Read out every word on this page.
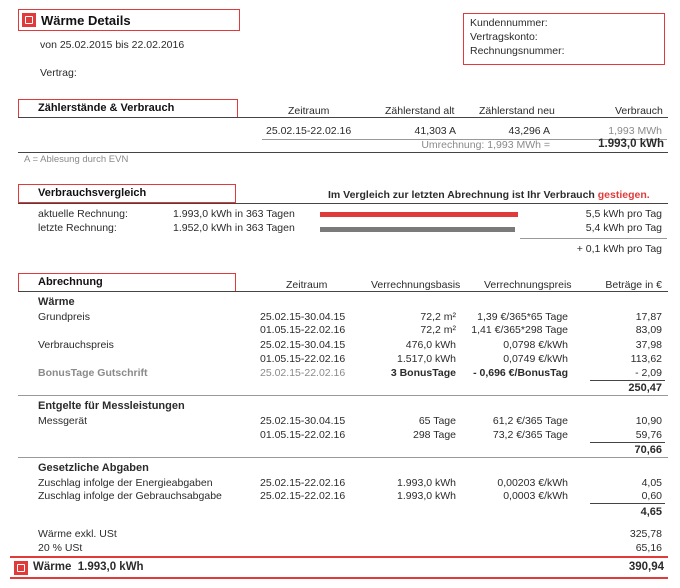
Wärme Details
von 25.02.2015 bis 22.02.2016
Vertrag:
Kundennummer:
Vertragskonto:
Rechnungsnummer:
Zählerstände & Verbrauch	Zeitraum	Zählerstand alt Zählerstand neu	Verbrauch
25.02.15-22.02.16	41,303 A	43,296 A	1,993 MWh
Umrechnung: 1,993 MWh =	1.993,0 kWh
A = Ablesung durch EVN
Verbrauchsvergleich	Im Vergleich zur letzten Abrechnung ist Ihr Verbrauch gestiegen.
aktuelle Rechnung:	1.993,0 kWh in 363 Tagen	5,5 kWh pro Tag
letzte Rechnung:	1.952,0 kWh in 363 Tagen	5,4 kWh pro Tag
+ 0,1 kWh pro Tag
Abrechnung	Zeitraum	Verrechnungsbasis Verrechnungspreis	Beträge in €
Wärme
Grundpreis	25.02.15-30.04.15	72,2 m²	1,39 €/365*65 Tage	17,87
01.05.15-22.02.16	72,2 m²	1,41 €/365*298 Tage	83,09
Verbrauchspreis	25.02.15-30.04.15	476,0 kWh	0,0798 €/kWh	37,98
01.05.15-22.02.16	1.517,0 kWh	0,0749 €/kWh	113,62
BonusTage Gutschrift	25.02.15-22.02.16	3 BonusTage	- 0,696 €/BonusTag	- 2,09
250,47
Entgelte für Messleistungen
Messgerät	25.02.15-30.04.15	65 Tage	61,2 €/365 Tage	10,90
01.05.15-22.02.16	298 Tage	73,2 €/365 Tage	59,76
70,66
Gesetzliche Abgaben
Zuschlag infolge der Energieabgaben	25.02.15-22.02.16	1.993,0 kWh	0,00203 €/kWh	4,05
Zuschlag infolge der Gebrauchsabgabe	25.02.15-22.02.16	1.993,0 kWh	0,0003 €/kWh	0,60
4,65
Wärme exkl. USt	325,78
20 % USt	65,16
Wärme  1.993,0 kWh	390,94
